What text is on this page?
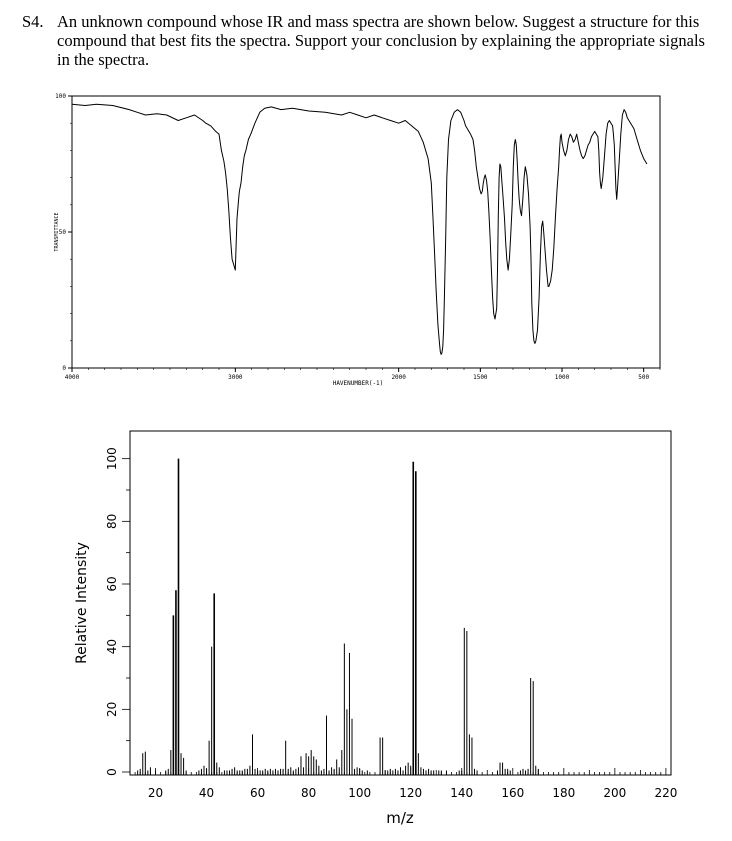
S4. An unknown compound whose IR and mass spectra are shown below. Suggest a structure for this compound that best fits the spectra. Support your conclusion by explaining the appropriate signals in the spectra.
4000	3000	2000	1500	1000	500
0
50
100
HAVENUMBER(-1)
TRANSMITTANCE
20	40	60	80	100 120 140 160 180 200 220
0
20
40
60
80
100
m/z
Relative Intensity
